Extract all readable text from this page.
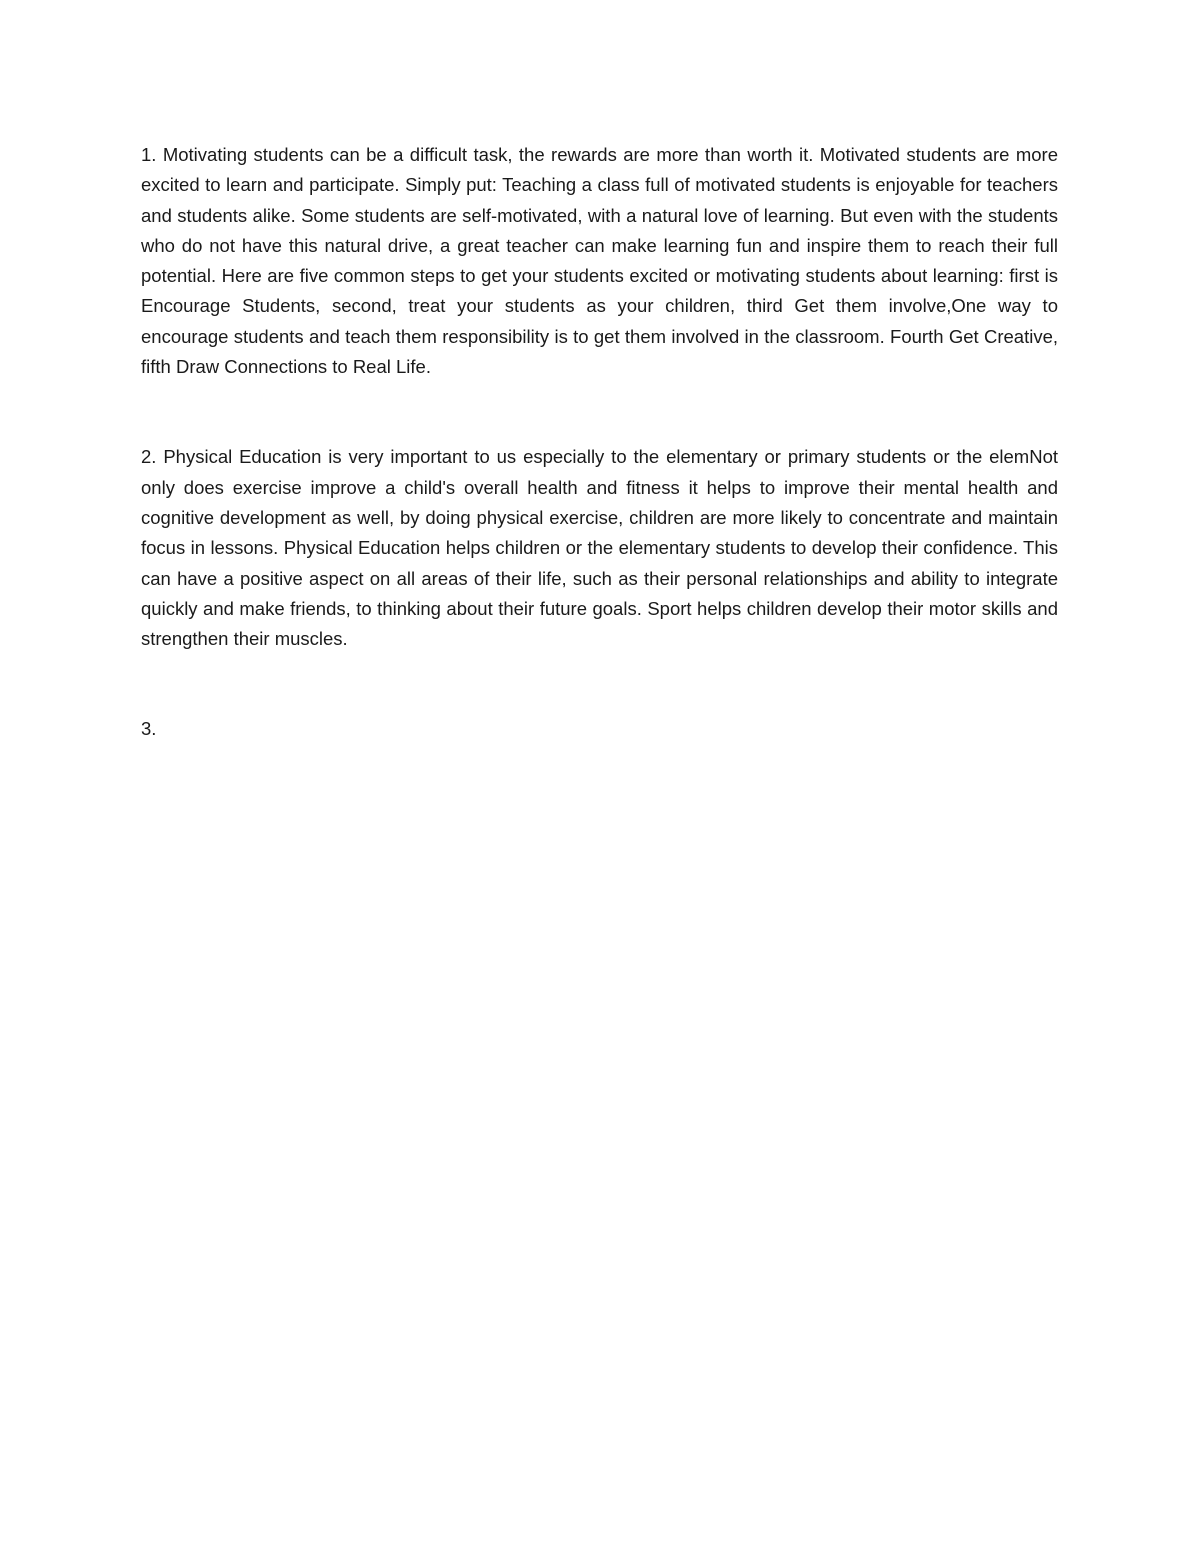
1. Motivating students can be a difficult task, the rewards are more than worth it. Motivated students are more excited to learn and participate. Simply put: Teaching a class full of motivated students is enjoyable for teachers and students alike. Some students are self-motivated, with a natural love of learning. But even with the students who do not have this natural drive, a great teacher can make learning fun and inspire them to reach their full potential. Here are five common steps to get your students excited or motivating students about learning: first is Encourage Students, second, treat your students as your children, third Get them involve,One way to encourage students and teach them responsibility is to get them involved in the classroom. Fourth Get Creative, fifth Draw Connections to Real Life.

2. Physical Education is very important to us especially to the elementary or primary students or the elemNot only does exercise improve a child's overall health and fitness it helps to improve their mental health and cognitive development as well, by doing physical exercise, children are more likely to concentrate and maintain focus in lessons. Physical Education helps children or the elementary students to develop their confidence. This can have a positive aspect on all areas of their life, such as their personal relationships and ability to integrate quickly and make friends, to thinking about their future goals. Sport helps children develop their motor skills and strengthen their muscles.

3.
